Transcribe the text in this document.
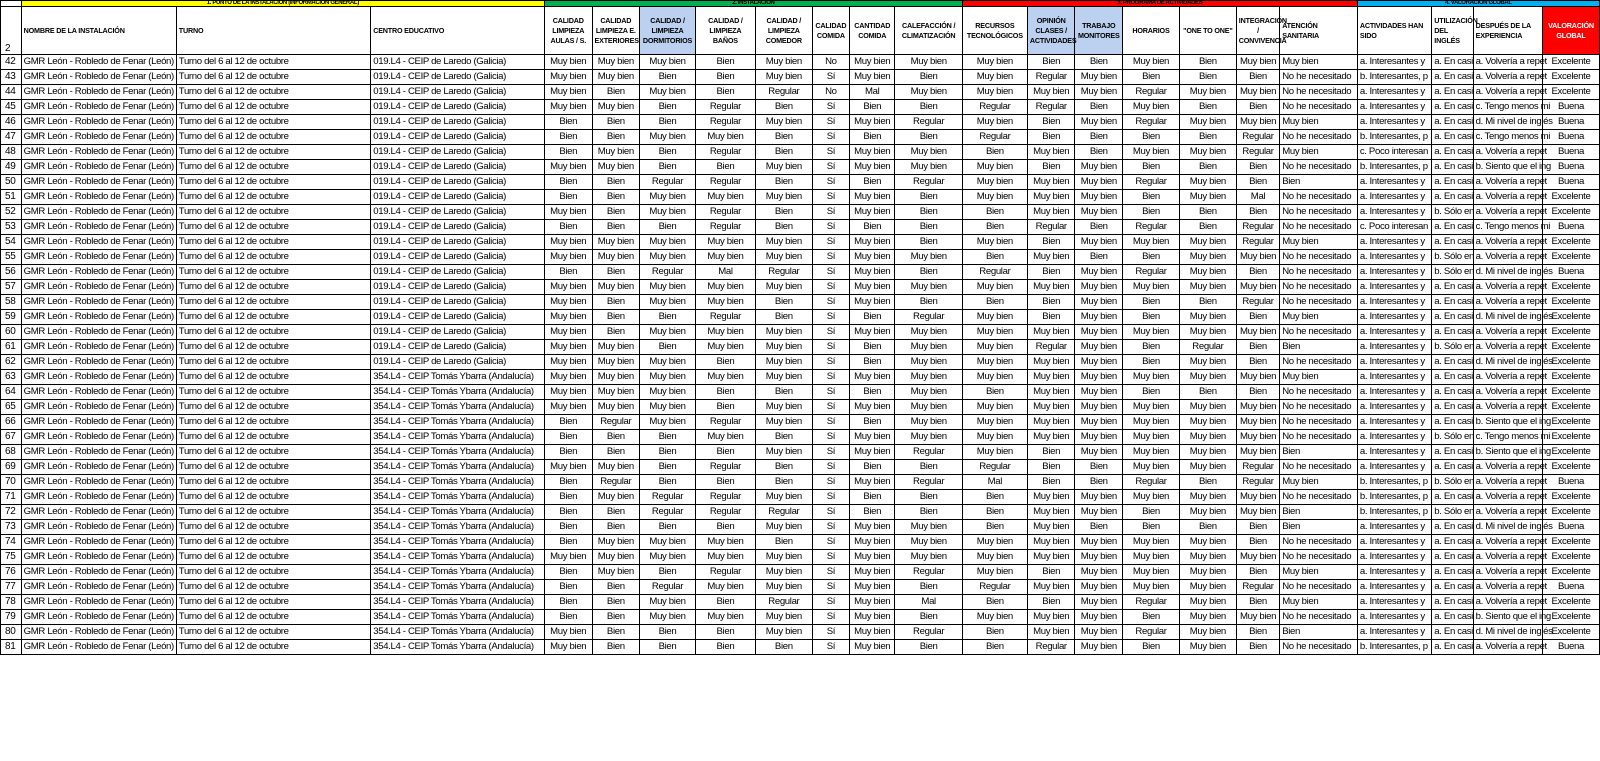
	1. PUNTO DE LA INSTALACIÓN (INFORMACIÓN GENERAL)			2. INSTALACIÓN								3. PROGRAMA DE ACTIVIDADES							4. VALORACIÓN GLOBAL			
2	NOMBRE DE LA INSTALACIÓN	TURNO	CENTRO EDUCATIVO	CALIDAD LIMPIEZA AULAS / S.	CALIDAD LIMPIEZA E. EXTERIORES	CALIDAD / LIMPIEZA DORMITORIOS	CALIDAD / LIMPIEZA BAÑOS	CALIDAD / LIMPIEZA COMEDOR	CALIDAD COMIDA	CANTIDAD COMIDA	CALEFACCIÓN / CLIMATIZACIÓN	RECURSOS TECNOLÓGICOS	OPINIÓN CLASES / ACTIVIDADES	TRABAJO MONITORES	HORARIOS	"ONE TO ONE"	INTEGRACIÓN / CONVIVENCIA	ATENCIÓN SANITARIA	ACTIVIDADES HAN SIDO	UTILIZACIÓN DEL INGLÉS	DESPUÉS DE LA EXPERIENCIA	VALORACIÓN GLOBAL
42	GMR León - Robledo de Fenar (León)	Turno del 6 al 12 de octubre	019.L4 - CEIP de Laredo (Galicia)	Muy bien	Muy bien	Muy bien	Bien	Muy bien	No	Muy bien	Muy bien	Muy bien	Bien	Bien	Muy bien	Bien	Muy bien	Muy bien	a. Interesantes y	a. En casi	a. Volvería a repet	Excelente
43	GMR León - Robledo de Fenar (León)	Turno del 6 al 12 de octubre	019.L4 - CEIP de Laredo (Galicia)	Muy bien	Muy bien	Bien	Bien	Muy bien	Sí	Muy bien	Bien	Muy bien	Regular	Muy bien	Bien	Bien	Bien	No he necesitado	b. Interesantes, p	a. En casi	a. Volvería a repet	Excelente
44	GMR León - Robledo de Fenar (León)	Turno del 6 al 12 de octubre	019.L4 - CEIP de Laredo (Galicia)	Muy bien	Bien	Muy bien	Bien	Regular	No	Mal	Muy bien	Muy bien	Muy bien	Muy bien	Regular	Muy bien	Muy bien	No he necesitado	a. Interesantes y	a. En casi	a. Volvería a repet	Excelente
45	GMR León - Robledo de Fenar (León)	Turno del 6 al 12 de octubre	019.L4 - CEIP de Laredo (Galicia)	Muy bien	Muy bien	Bien	Regular	Bien	Sí	Bien	Bien	Regular	Regular	Bien	Muy bien	Bien	Bien	No he necesitado	a. Interesantes y	a. En casi	c. Tengo menos mi	Buena
46	GMR León - Robledo de Fenar (León)	Turno del 6 al 12 de octubre	019.L4 - CEIP de Laredo (Galicia)	Bien	Bien	Bien	Regular	Muy bien	Sí	Muy bien	Regular	Muy bien	Bien	Muy bien	Regular	Muy bien	Muy bien	Muy bien	a. Interesantes y	a. En casi	d. Mi nivel de inglés	Buena
47	GMR León - Robledo de Fenar (León)	Turno del 6 al 12 de octubre	019.L4 - CEIP de Laredo (Galicia)	Bien	Bien	Muy bien	Muy bien	Bien	Sí	Bien	Bien	Regular	Bien	Bien	Bien	Bien	Regular	No he necesitado	b. Interesantes, p	a. En casi	c. Tengo menos mi	Buena
48	GMR León - Robledo de Fenar (León)	Turno del 6 al 12 de octubre	019.L4 - CEIP de Laredo (Galicia)	Bien	Muy bien	Bien	Regular	Bien	Sí	Muy bien	Muy bien	Bien	Muy bien	Bien	Muy bien	Muy bien	Regular	Muy bien	c. Poco interesan	a. En casi	a. Volvería a repet	Buena
49	GMR León - Robledo de Fenar (León)	Turno del 6 al 12 de octubre	019.L4 - CEIP de Laredo (Galicia)	Muy bien	Muy bien	Bien	Bien	Muy bien	Sí	Muy bien	Muy bien	Muy bien	Bien	Muy bien	Bien	Bien	Bien	No he necesitado	b. Interesantes, p	a. En casi	b. Siento que el ing	Buena
50	GMR León - Robledo de Fenar (León)	Turno del 6 al 12 de octubre	019.L4 - CEIP de Laredo (Galicia)	Bien	Bien	Regular	Regular	Bien	Sí	Bien	Regular	Muy bien	Muy bien	Muy bien	Regular	Muy bien	Bien	Bien	a. Interesantes y	a. En casi	a. Volvería a repet	Buena
51	GMR León - Robledo de Fenar (León)	Turno del 6 al 12 de octubre	019.L4 - CEIP de Laredo (Galicia)	Bien	Bien	Muy bien	Muy bien	Muy bien	Sí	Muy bien	Bien	Muy bien	Muy bien	Muy bien	Bien	Muy bien	Mal	No he necesitado	a. Interesantes y	a. En casi	a. Volvería a repet	Excelente
52	GMR León - Robledo de Fenar (León)	Turno del 6 al 12 de octubre	019.L4 - CEIP de Laredo (Galicia)	Muy bien	Bien	Muy bien	Regular	Bien	Sí	Muy bien	Bien	Bien	Muy bien	Muy bien	Bien	Bien	Bien	No he necesitado	a. Interesantes y	b. Sólo en	a. Volvería a repet	Excelente
53	GMR León - Robledo de Fenar (León)	Turno del 6 al 12 de octubre	019.L4 - CEIP de Laredo (Galicia)	Bien	Bien	Bien	Regular	Bien	Sí	Bien	Bien	Bien	Regular	Bien	Regular	Bien	Regular	No he necesitado	c. Poco interesan	a. En casi	c. Tengo menos mi	Buena
54	GMR León - Robledo de Fenar (León)	Turno del 6 al 12 de octubre	019.L4 - CEIP de Laredo (Galicia)	Muy bien	Muy bien	Muy bien	Muy bien	Muy bien	Sí	Muy bien	Bien	Muy bien	Bien	Muy bien	Muy bien	Muy bien	Regular	Muy bien	a. Interesantes y	a. En casi	a. Volvería a repet	Excelente
55	GMR León - Robledo de Fenar (León)	Turno del 6 al 12 de octubre	019.L4 - CEIP de Laredo (Galicia)	Muy bien	Muy bien	Muy bien	Muy bien	Muy bien	Sí	Muy bien	Muy bien	Bien	Muy bien	Bien	Bien	Muy bien	Muy bien	No he necesitado	a. Interesantes y	b. Sólo en	a. Volvería a repet	Excelente
56	GMR León - Robledo de Fenar (León)	Turno del 6 al 12 de octubre	019.L4 - CEIP de Laredo (Galicia)	Bien	Bien	Regular	Mal	Regular	Sí	Muy bien	Bien	Regular	Bien	Muy bien	Regular	Muy bien	Bien	No he necesitado	a. Interesantes y	b. Sólo en	d. Mi nivel de inglés	Buena
57	GMR León - Robledo de Fenar (León)	Turno del 6 al 12 de octubre	019.L4 - CEIP de Laredo (Galicia)	Muy bien	Muy bien	Muy bien	Muy bien	Muy bien	Sí	Muy bien	Muy bien	Muy bien	Muy bien	Muy bien	Muy bien	Muy bien	Muy bien	No he necesitado	a. Interesantes y	a. En casi	a. Volvería a repet	Excelente
58	GMR León - Robledo de Fenar (León)	Turno del 6 al 12 de octubre	019.L4 - CEIP de Laredo (Galicia)	Muy bien	Bien	Muy bien	Muy bien	Bien	Sí	Muy bien	Bien	Bien	Bien	Muy bien	Bien	Bien	Regular	No he necesitado	a. Interesantes y	a. En casi	a. Volvería a repet	Excelente
59	GMR León - Robledo de Fenar (León)	Turno del 6 al 12 de octubre	019.L4 - CEIP de Laredo (Galicia)	Muy bien	Bien	Bien	Regular	Bien	Sí	Bien	Regular	Muy bien	Bien	Muy bien	Bien	Muy bien	Bien	Muy bien	a. Interesantes y	a. En casi	d. Mi nivel de inglés	Excelente
60	GMR León - Robledo de Fenar (León)	Turno del 6 al 12 de octubre	019.L4 - CEIP de Laredo (Galicia)	Muy bien	Bien	Muy bien	Muy bien	Muy bien	Sí	Muy bien	Muy bien	Muy bien	Muy bien	Muy bien	Muy bien	Muy bien	Muy bien	No he necesitado	a. Interesantes y	a. En casi	a. Volvería a repet	Excelente
61	GMR León - Robledo de Fenar (León)	Turno del 6 al 12 de octubre	019.L4 - CEIP de Laredo (Galicia)	Muy bien	Muy bien	Bien	Muy bien	Muy bien	Sí	Bien	Muy bien	Muy bien	Regular	Muy bien	Bien	Regular	Bien	Bien	a. Interesantes y	b. Sólo en	a. Volvería a repet	Excelente
62	GMR León - Robledo de Fenar (León)	Turno del 6 al 12 de octubre	019.L4 - CEIP de Laredo (Galicia)	Muy bien	Muy bien	Muy bien	Bien	Muy bien	Sí	Bien	Muy bien	Muy bien	Muy bien	Muy bien	Bien	Muy bien	Bien	No he necesitado	a. Interesantes y	a. En casi	d. Mi nivel de inglés	Excelente
63	GMR León - Robledo de Fenar (León)	Turno del 6 al 12 de octubre	354.L4 - CEIP Tomás Ybarra (Andalucía)	Muy bien	Muy bien	Muy bien	Muy bien	Muy bien	Sí	Muy bien	Muy bien	Muy bien	Muy bien	Muy bien	Muy bien	Muy bien	Muy bien	Muy bien	a. Interesantes y	a. En casi	a. Volvería a repet	Excelente
64	GMR León - Robledo de Fenar (León)	Turno del 6 al 12 de octubre	354.L4 - CEIP Tomás Ybarra (Andalucía)	Muy bien	Muy bien	Muy bien	Bien	Bien	Sí	Bien	Muy bien	Bien	Muy bien	Muy bien	Bien	Bien	Bien	No he necesitado	a. Interesantes y	a. En casi	a. Volvería a repet	Excelente
65	GMR León - Robledo de Fenar (León)	Turno del 6 al 12 de octubre	354.L4 - CEIP Tomás Ybarra (Andalucía)	Muy bien	Muy bien	Muy bien	Bien	Muy bien	Sí	Muy bien	Muy bien	Muy bien	Muy bien	Muy bien	Muy bien	Muy bien	Muy bien	No he necesitado	a. Interesantes y	a. En casi	a. Volvería a repet	Excelente
66	GMR León - Robledo de Fenar (León)	Turno del 6 al 12 de octubre	354.L4 - CEIP Tomás Ybarra (Andalucía)	Bien	Regular	Muy bien	Regular	Muy bien	Sí	Bien	Muy bien	Muy bien	Muy bien	Muy bien	Muy bien	Muy bien	Muy bien	No he necesitado	a. Interesantes y	a. En casi	b. Siento que el ing	Excelente
67	GMR León - Robledo de Fenar (León)	Turno del 6 al 12 de octubre	354.L4 - CEIP Tomás Ybarra (Andalucía)	Bien	Bien	Bien	Muy bien	Bien	Sí	Muy bien	Muy bien	Muy bien	Muy bien	Muy bien	Muy bien	Muy bien	Muy bien	No he necesitado	a. Interesantes y	b. Sólo en	c. Tengo menos mi	Excelente
68	GMR León - Robledo de Fenar (León)	Turno del 6 al 12 de octubre	354.L4 - CEIP Tomás Ybarra (Andalucía)	Bien	Bien	Bien	Bien	Muy bien	Sí	Muy bien	Regular	Muy bien	Bien	Muy bien	Muy bien	Muy bien	Muy bien	Bien	a. Interesantes y	a. En casi	b. Siento que el ing	Excelente
69	GMR León - Robledo de Fenar (León)	Turno del 6 al 12 de octubre	354.L4 - CEIP Tomás Ybarra (Andalucía)	Muy bien	Muy bien	Bien	Regular	Bien	Sí	Bien	Bien	Regular	Bien	Bien	Muy bien	Muy bien	Regular	No he necesitado	a. Interesantes y	a. En casi	a. Volvería a repet	Excelente
70	GMR León - Robledo de Fenar (León)	Turno del 6 al 12 de octubre	354.L4 - CEIP Tomás Ybarra (Andalucía)	Bien	Regular	Bien	Bien	Bien	Sí	Muy bien	Regular	Mal	Bien	Bien	Regular	Bien	Regular	Muy bien	b. Interesantes, p	b. Sólo en	a. Volvería a repet	Buena
71	GMR León - Robledo de Fenar (León)	Turno del 6 al 12 de octubre	354.L4 - CEIP Tomás Ybarra (Andalucía)	Bien	Muy bien	Regular	Regular	Muy bien	Sí	Bien	Bien	Bien	Muy bien	Muy bien	Muy bien	Muy bien	Muy bien	No he necesitado	b. Interesantes, p	a. En casi	a. Volvería a repet	Excelente
72	GMR León - Robledo de Fenar (León)	Turno del 6 al 12 de octubre	354.L4 - CEIP Tomás Ybarra (Andalucía)	Bien	Bien	Regular	Regular	Regular	Sí	Bien	Bien	Bien	Muy bien	Muy bien	Bien	Muy bien	Muy bien	Bien	b. Interesantes, p	b. Sólo en	a. Volvería a repet	Excelente
73	GMR León - Robledo de Fenar (León)	Turno del 6 al 12 de octubre	354.L4 - CEIP Tomás Ybarra (Andalucía)	Bien	Bien	Bien	Bien	Muy bien	Sí	Muy bien	Muy bien	Bien	Muy bien	Bien	Bien	Bien	Bien	Bien	a. Interesantes y	a. En casi	d. Mi nivel de inglés	Buena
74	GMR León - Robledo de Fenar (León)	Turno del 6 al 12 de octubre	354.L4 - CEIP Tomás Ybarra (Andalucía)	Bien	Muy bien	Muy bien	Muy bien	Bien	Sí	Muy bien	Muy bien	Muy bien	Muy bien	Muy bien	Muy bien	Muy bien	Bien	No he necesitado	a. Interesantes y	a. En casi	a. Volvería a repet	Excelente
75	GMR León - Robledo de Fenar (León)	Turno del 6 al 12 de octubre	354.L4 - CEIP Tomás Ybarra (Andalucía)	Muy bien	Muy bien	Muy bien	Muy bien	Muy bien	Sí	Muy bien	Muy bien	Muy bien	Muy bien	Muy bien	Muy bien	Muy bien	Muy bien	No he necesitado	a. Interesantes y	a. En casi	a. Volvería a repet	Excelente
76	GMR León - Robledo de Fenar (León)	Turno del 6 al 12 de octubre	354.L4 - CEIP Tomás Ybarra (Andalucía)	Bien	Muy bien	Bien	Regular	Muy bien	Sí	Muy bien	Regular	Muy bien	Bien	Muy bien	Muy bien	Muy bien	Bien	Muy bien	a. Interesantes y	a. En casi	a. Volvería a repet	Excelente
77	GMR León - Robledo de Fenar (León)	Turno del 6 al 12 de octubre	354.L4 - CEIP Tomás Ybarra (Andalucía)	Bien	Bien	Regular	Muy bien	Muy bien	Sí	Muy bien	Bien	Regular	Muy bien	Muy bien	Muy bien	Muy bien	Regular	No he necesitado	a. Interesantes y	a. En casi	a. Volvería a repet	Buena
78	GMR León - Robledo de Fenar (León)	Turno del 6 al 12 de octubre	354.L4 - CEIP Tomás Ybarra (Andalucía)	Bien	Bien	Muy bien	Bien	Regular	Sí	Muy bien	Mal	Bien	Bien	Muy bien	Regular	Muy bien	Bien	Muy bien	a. Interesantes y	a. En casi	a. Volvería a repet	Excelente
79	GMR León - Robledo de Fenar (León)	Turno del 6 al 12 de octubre	354.L4 - CEIP Tomás Ybarra (Andalucía)	Bien	Bien	Muy bien	Muy bien	Muy bien	Sí	Muy bien	Bien	Muy bien	Muy bien	Muy bien	Bien	Muy bien	Muy bien	No he necesitado	a. Interesantes y	a. En casi	b. Siento que el ing	Excelente
80	GMR León - Robledo de Fenar (León)	Turno del 6 al 12 de octubre	354.L4 - CEIP Tomás Ybarra (Andalucía)	Muy bien	Bien	Bien	Bien	Muy bien	Sí	Muy bien	Regular	Bien	Muy bien	Muy bien	Regular	Muy bien	Bien	Bien	a. Interesantes y	a. En casi	d. Mi nivel de inglés	Excelente
81	GMR León - Robledo de Fenar (León)	Turno del 6 al 12 de octubre	354.L4 - CEIP Tomás Ybarra (Andalucía)	Muy bien	Bien	Bien	Bien	Bien	Sí	Muy bien	Bien	Bien	Regular	Muy bien	Bien	Muy bien	Bien	No he necesitado	b. Interesantes, p	a. En casi	a. Volvería a repet	Buena
